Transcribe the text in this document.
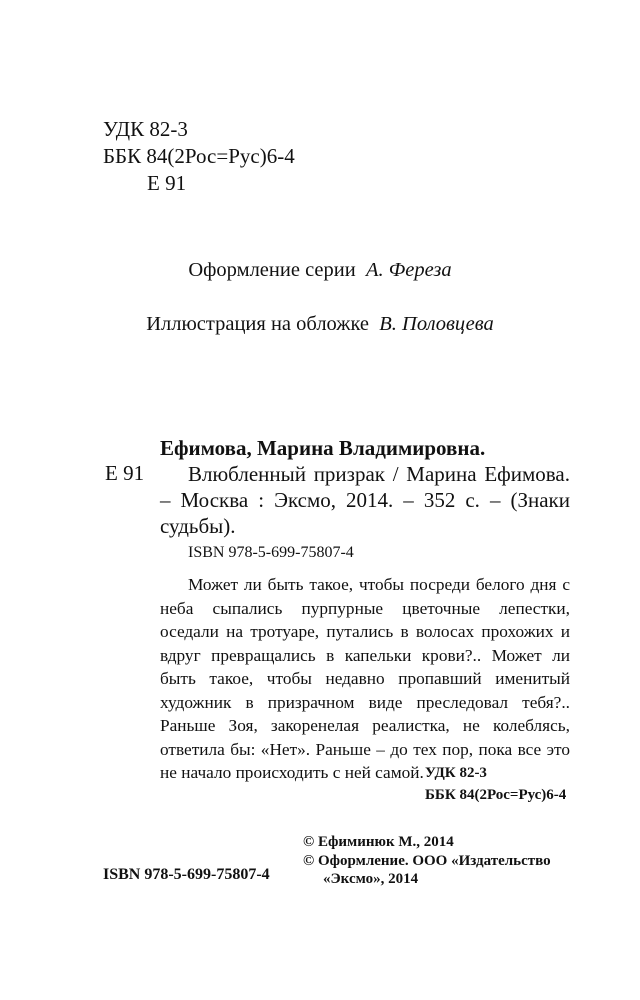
УДК 82-3
ББК 84(2Рос=Рус)6-4
Е 91
Оформление серии А. Фереза
Иллюстрация на обложке В. Половцева
Ефимова, Марина Владимировна.
Е 91	Влюбленный призрак / Марина Ефимова. – Москва : Эксмо, 2014. – 352 с. – (Знаки судьбы).
ISBN 978-5-699-75807-4
Может ли быть такое, чтобы посреди белого дня с неба сыпались пурпурные цветочные лепестки, оседали на тротуаре, путались в волосах прохожих и вдруг превращались в капельки крови?.. Может ли быть такое, чтобы недавно пропавший именитый художник в призрачном виде преследовал тебя?.. Раньше Зоя, закоренелая реалистка, не колеблясь, ответила бы: «Нет». Раньше – до тех пор, пока все это не начало происходить с ней самой. УДК 82-3
ББК 84(2Рос=Рус)6-4
© Ефиминюк М., 2014
© Оформление. ООО «Издательство
«Эксмо», 2014
ISBN 978-5-699-75807-4
